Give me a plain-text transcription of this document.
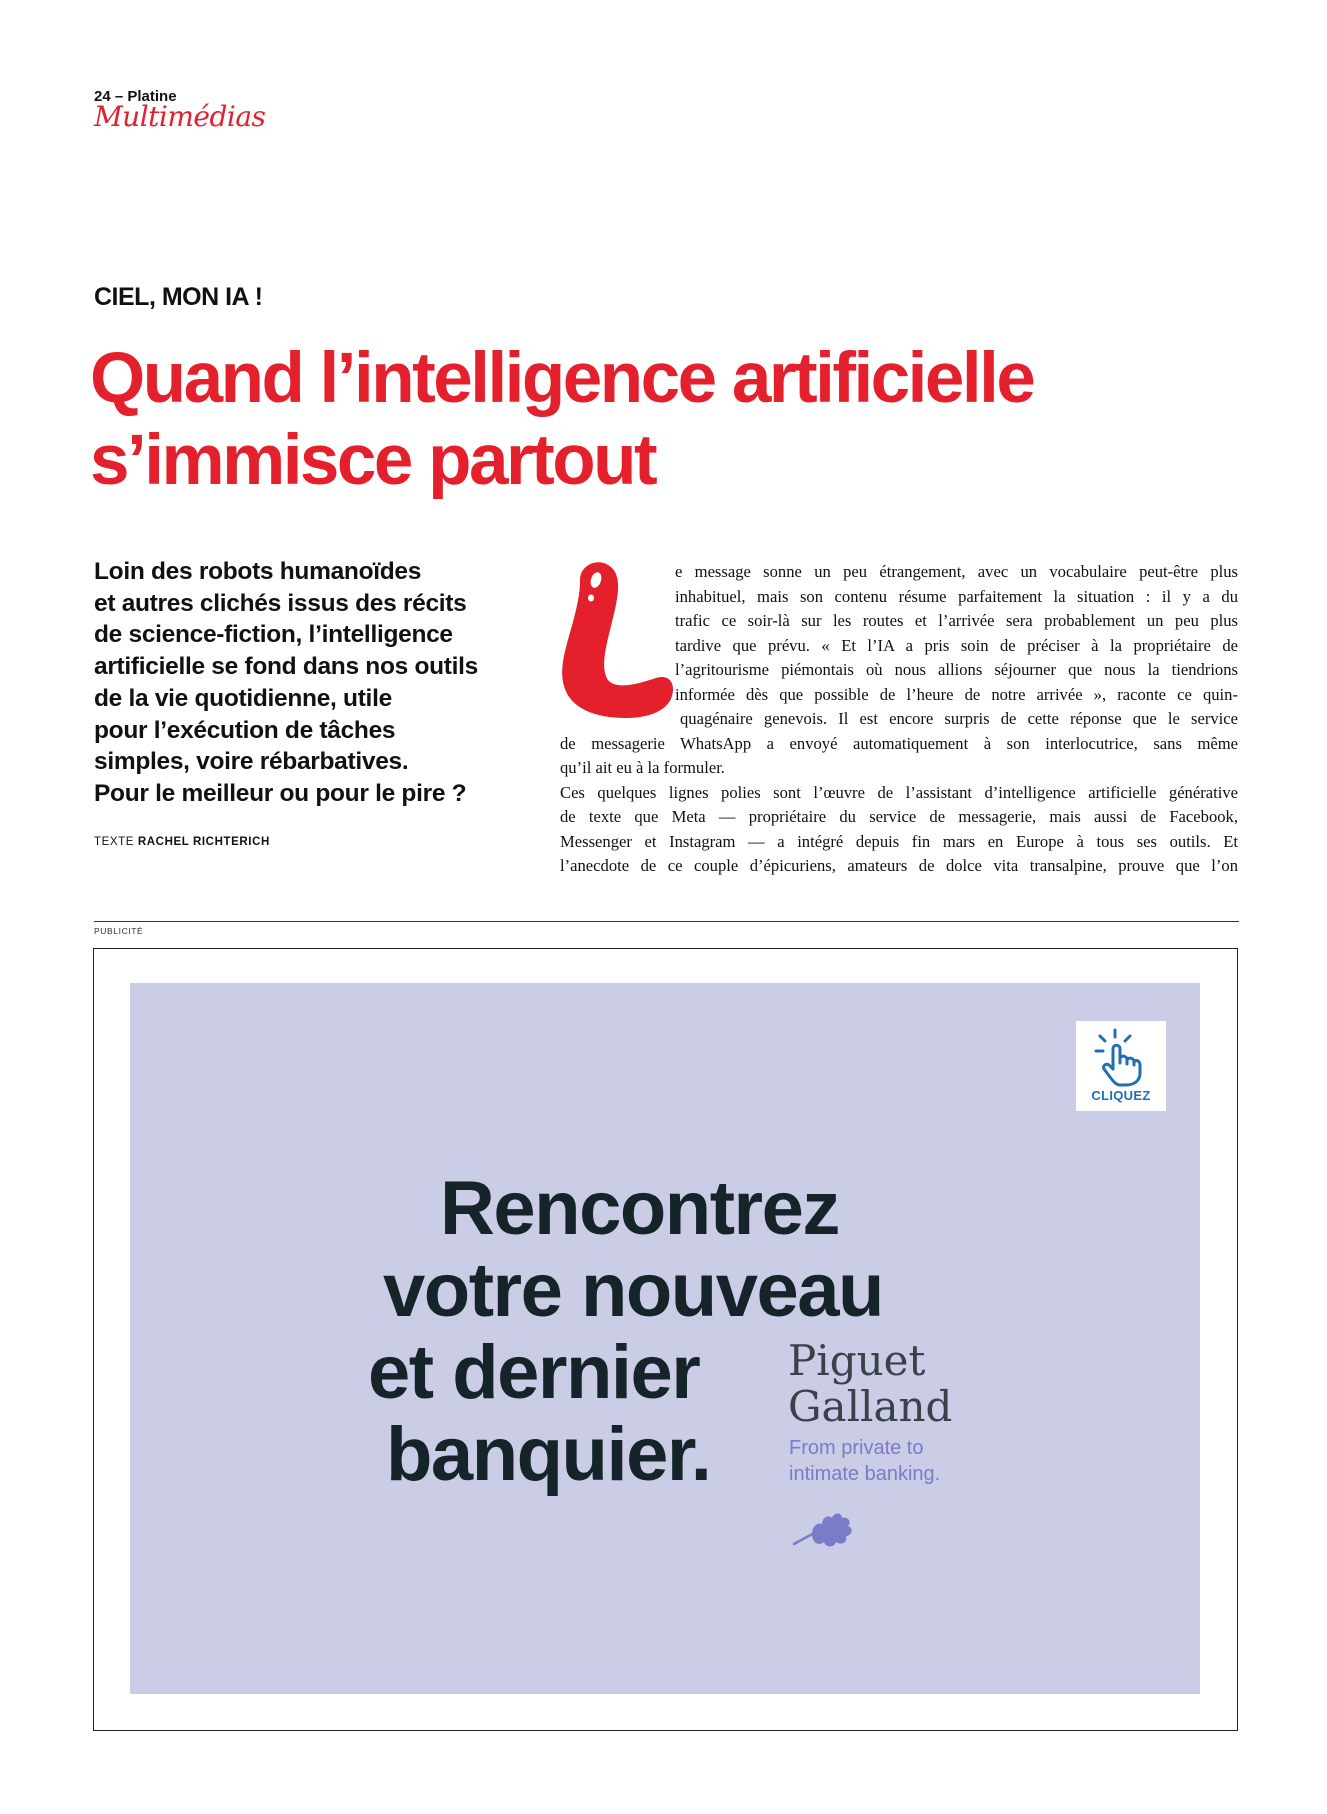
24 – Platine
Multimédias
CIEL, MON IA !
Quand l’intelligence artificielle
s’immisce partout

Loin des robots humanoïdes
et autres clichés issus des récits
de science-fiction, l’intelligence
artificielle se fond dans nos outils
de la vie quotidienne, utile
pour l’exécution de tâches
simples, voire rébarbatives.
Pour le meilleur ou pour le pire ?

TEXTE RACHEL RICHTERICH
e message sonne un peu étrangement, avec un vocabulaire peut-être plus
inhabituel, mais son contenu résume parfaitement la situation : il y a du
trafic ce soir-là sur les routes et l’arrivée sera probablement un peu plus
tardive que prévu. « Et l’IA a pris soin de préciser à la propriétaire de
l’agritourisme piémontais où nous allions séjourner que nous la tiendrions
informée dès que possible de l’heure de notre arrivée », raconte ce quin-
quagénaire genevois. Il est encore surpris de cette réponse que le service
de messagerie WhatsApp a envoyé automatiquement à son interlocutrice, sans même
qu’il ait eu à la formuler.
Ces quelques lignes polies sont l’œuvre de l’assistant d’intelligence artificielle générative
de texte que Meta — propriétaire du service de messagerie, mais aussi de Facebook,
Messenger et Instagram — a intégré depuis fin mars en Europe à tous ses outils. Et
l’anecdote de ce couple d’épicuriens, amateurs de dolce vita transalpine, prouve que l’on
PUBLICITÉ
CLIQUEZ
Rencontrez
votre nouveau
et dernier
banquier.
Piguet
Galland
From private to
intimate banking.
